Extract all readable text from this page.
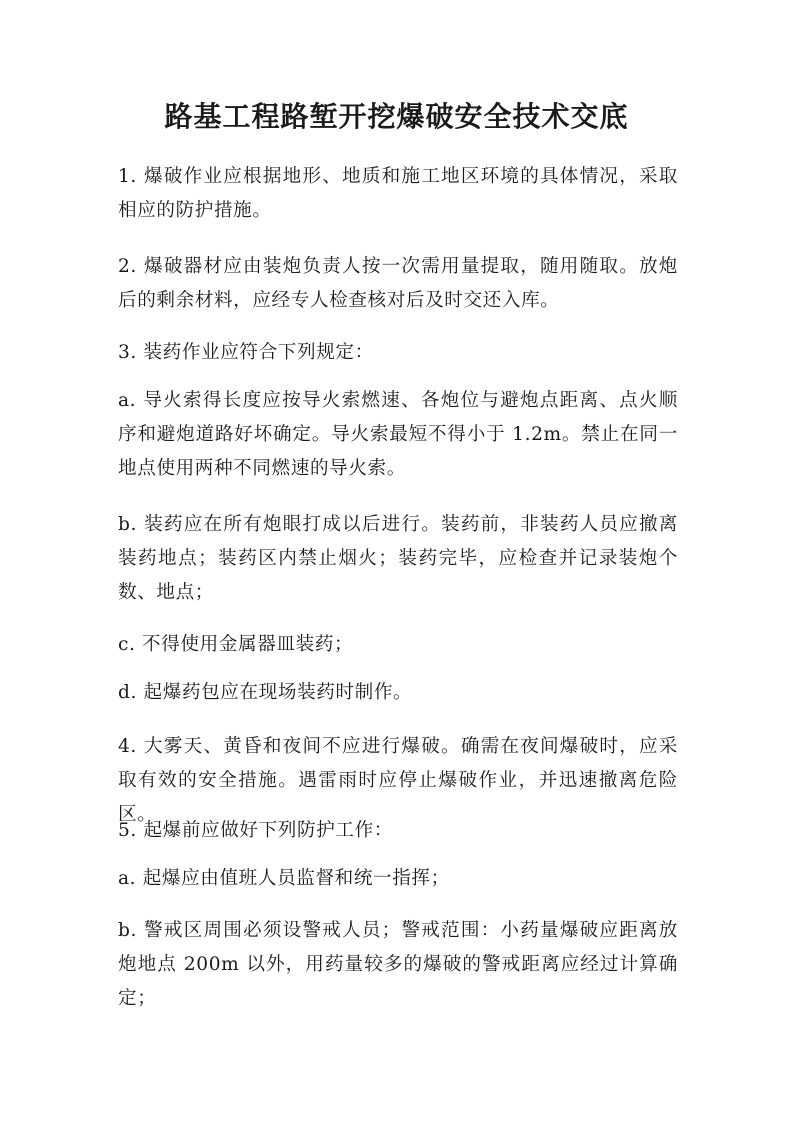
路基工程路堑开挖爆破安全技术交底

1. 爆破作业应根据地形、地质和施工地区环境的具体情况，采取相应的防护措施。

2. 爆破器材应由装炮负责人按一次需用量提取，随用随取。放炮后的剩余材料，应经专人检查核对后及时交还入库。

3. 装药作业应符合下列规定：

a. 导火索得长度应按导火索燃速、各炮位与避炮点距离、点火顺序和避炮道路好坏确定。导火索最短不得小于 1.2m。禁止在同一地点使用两种不同燃速的导火索。

b. 装药应在所有炮眼打成以后进行。装药前，非装药人员应撤离装药地点；装药区内禁止烟火；装药完毕，应检查并记录装炮个数、地点；

c. 不得使用金属器皿装药；

d. 起爆药包应在现场装药时制作。

4. 大雾天、黄昏和夜间不应进行爆破。确需在夜间爆破时，应采取有效的安全措施。遇雷雨时应停止爆破作业，并迅速撤离危险区。

5. 起爆前应做好下列防护工作：

a. 起爆应由值班人员监督和统一指挥；

b. 警戒区周围必须设警戒人员；警戒范围：小药量爆破应距离放炮地点 200m 以外，用药量较多的爆破的警戒距离应经过计算确定；
